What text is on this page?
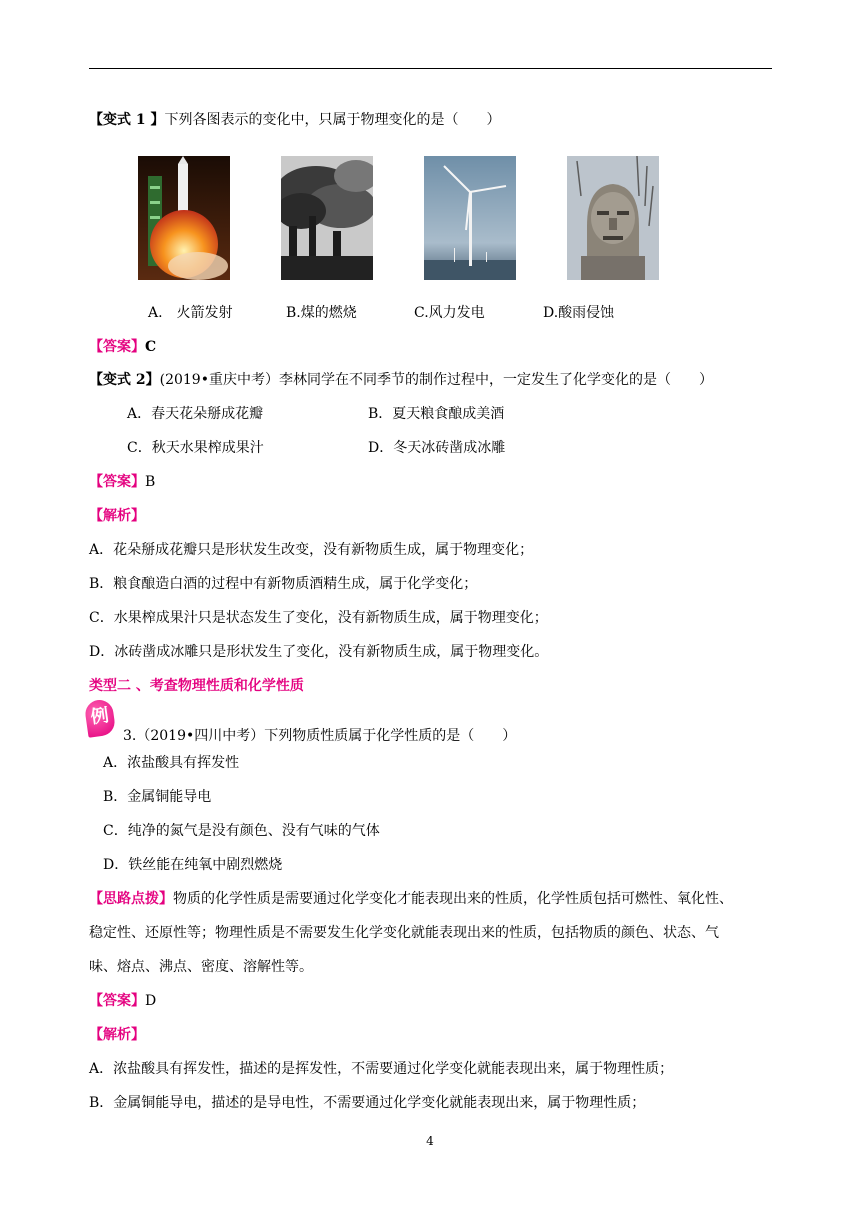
【变式 1 】下列各图表示的变化中，只属于物理变化的是（　　）
A.　火箭发射	B.煤的燃烧	C.风力发电	D.酸雨侵蚀
【答案】C
【变式 2】(2019•重庆中考）李林同学在不同季节的制作过程中，一定发生了化学变化的是（　　）
A．春天花朵掰成花瓣	B．夏天粮食酿成美酒
C．秋天水果榨成果汁	D．冬天冰砖凿成冰雕
【答案】B
【解析】
A．花朵掰成花瓣只是形状发生改变，没有新物质生成，属于物理变化；
B．粮食酿造白酒的过程中有新物质酒精生成，属于化学变化；
C．水果榨成果汁只是状态发生了变化，没有新物质生成，属于物理变化；
D．冰砖凿成冰雕只是形状发生了变化，没有新物质生成，属于物理变化。
类型二 、考查物理性质和化学性质
例
3.（2019•四川中考）下列物质性质属于化学性质的是（　　）
A．浓盐酸具有挥发性
B．金属铜能导电
C．纯净的氮气是没有颜色、没有气味的气体
D．铁丝能在纯氧中剧烈燃烧
【思路点拨】物质的化学性质是需要通过化学变化才能表现出来的性质，化学性质包括可燃性、氧化性、
稳定性、还原性等；物理性质是不需要发生化学变化就能表现出来的性质，包括物质的颜色、状态、气
味、熔点、沸点、密度、溶解性等。
【答案】D
【解析】
A．浓盐酸具有挥发性，描述的是挥发性，不需要通过化学变化就能表现出来，属于物理性质；
B．金属铜能导电，描述的是导电性，不需要通过化学变化就能表现出来，属于物理性质；
4
